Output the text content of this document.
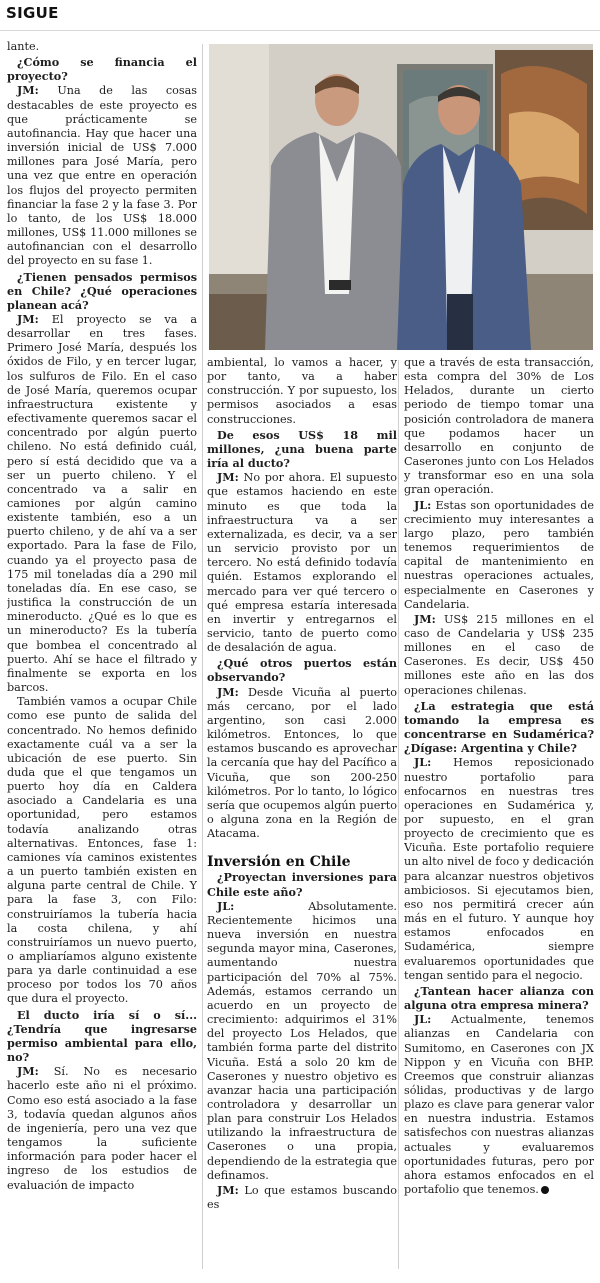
SIGUE

lante.

¿Cómo se financia el proyecto?

JM: Una de las cosas destacables de este proyecto es que prácticamente se autofinancia. Hay que hacer una inversión inicial de US$ 7.000 millones para José María, pero una vez que entre en operación los flujos del proyecto permiten financiar la fase 2 y la fase 3. Por lo tanto, de los US$ 18.000 millones, US$ 11.000 millones se autofinancian con el desarrollo del proyecto en su fase 1.

¿Tienen pensados permisos en Chile? ¿Qué operaciones planean acá?

JM: El proyecto se va a desarrollar en tres fases. Primero José María, después los óxidos de Filo, y en tercer lugar, los sulfuros de Filo. En el caso de José María, queremos ocupar infraestructura existente y efectivamente queremos sacar el concentrado por algún puerto chileno. No está definido cuál, pero sí está decidido que va a ser un puerto chileno. Y el concentrado va a salir en camiones por algún camino existente también, eso a un puerto chileno, y de ahí va a ser exportado. Para la fase de Filo, cuando ya el proyecto pasa de 175 mil toneladas día a 290 mil toneladas día. En ese caso, se justifica la construcción de un mineroducto. ¿Qué es lo que es un mineroducto? Es la tubería que bombea el concentrado al puerto. Ahí se hace el filtrado y finalmente se exporta en los barcos.

También vamos a ocupar Chile como ese punto de salida del concentrado. No hemos definido exactamente cuál va a ser la ubicación de ese puerto. Sin duda que el que tengamos un puerto hoy día en Caldera asociado a Candelaria es una oportunidad, pero estamos todavía analizando otras alternativas. Entonces, fase 1: camiones vía caminos existentes a un puerto también existen en alguna parte central de Chile. Y para la fase 3, con Filo: construiríamos la tubería hacia la costa chilena, y ahí construiríamos un nuevo puerto, o ampliaríamos alguno existente para ya darle continuidad a ese proceso por todos los 70 años que dura el proyecto.

El ducto iría sí o sí... ¿Tendría que ingresarse permiso ambiental para ello, no?

JM: Sí. No es necesario hacerlo este año ni el próximo. Como eso está asociado a la fase 3, todavía quedan algunos años de ingeniería, pero una vez que tengamos la suficiente información para poder hacer el ingreso de los estudios de evaluación de impacto

ambiental, lo vamos a hacer, y por tanto, va a haber construcción. Y por supuesto, los permisos asociados a esas construcciones.

De esos US$ 18 mil millones, ¿una buena parte iría al ducto?

JM: No por ahora. El supuesto que estamos haciendo en este minuto es que toda la infraestructura va a ser externalizada, es decir, va a ser un servicio provisto por un tercero. No está definido todavía quién. Estamos explorando el mercado para ver qué tercero o qué empresa estaría interesada en invertir y entregarnos el servicio, tanto de puerto como de desalación de agua.

¿Qué otros puertos están observando?

JM: Desde Vicuña al puerto más cercano, por el lado argentino, son casi 2.000 kilómetros. Entonces, lo que estamos buscando es aprovechar la cercanía que hay del Pacífico a Vicuña, que son 200-250 kilómetros. Por lo tanto, lo lógico sería que ocupemos algún puerto o alguna zona en la Región de Atacama.

Inversión en Chile

¿Proyectan inversiones para Chile este año?

JL:	Absolutamente. Recientemente hicimos una nueva inversión en nuestra segunda mayor mina, Caserones, aumentando nuestra participación del 70% al 75%. Además, estamos cerrando un acuerdo en un proyecto de crecimiento: adquirimos el 31% del proyecto Los Helados, que también forma parte del distrito Vicuña. Está a solo 20 km de Caserones y nuestro objetivo es avanzar hacia una participación controladora y desarrollar un plan para construir Los Helados utilizando la infraestructura de Caserones o una propia, dependiendo de la estrategia que definamos.

JM: Lo que estamos buscando es

que a través de esta transacción, esta compra del 30% de Los Helados, durante un cierto periodo de tiempo tomar una posición controladora de manera que podamos hacer un desarrollo en conjunto de Caserones junto con Los Helados y transformar eso en una sola gran operación.

JL: Estas son oportunidades de crecimiento muy interesantes a largo plazo, pero también tenemos requerimientos de capital de mantenimiento en nuestras operaciones actuales, especialmente en Caserones y Candelaria.

JM: US$ 215 millones en el caso de Candelaria y US$ 235 millones en el caso de Caserones. Es decir, US$ 450 millones este año en las dos operaciones chilenas.

¿La estrategia que está tomando la empresa es concentrarse en Sudamérica? ¿Dígase: Argentina y Chile?

JL: Hemos reposicionado nuestro portafolio para enfocarnos en nuestras tres operaciones en Sudamérica y, por supuesto, en el gran proyecto de crecimiento que es Vicuña. Este portafolio requiere un alto nivel de foco y dedicación para alcanzar nuestros objetivos ambiciosos. Si ejecutamos bien, eso nos permitirá crecer aún más en el futuro. Y aunque hoy estamos enfocados en Sudamérica, siempre evaluaremos oportunidades que tengan sentido para el negocio.

¿Tantean hacer alianza con alguna otra empresa minera?

JL: Actualmente, tenemos alianzas en Candelaria con Sumitomo, en Caserones con JX Nippon y en Vicuña con BHP. Creemos que construir alianzas sólidas, productivas y de largo plazo es clave para generar valor en nuestra industria. Estamos satisfechos con nuestras alianzas actuales y evaluaremos oportunidades futuras, pero por ahora estamos enfocados en el portafolio que tenemos.
